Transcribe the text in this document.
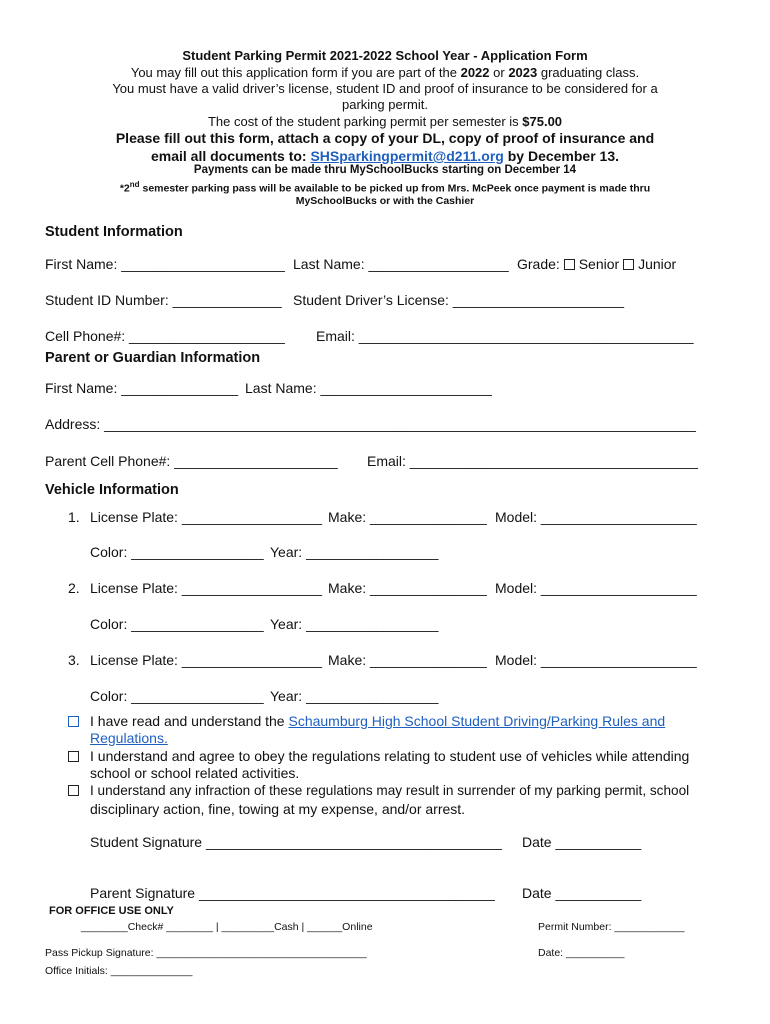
Student Parking Permit 2021-2022 School Year - Application Form
You may fill out this application form if you are part of the 2022 or 2023 graduating class.
You must have a valid driver’s license, student ID and proof of insurance to be considered for a
parking permit.
The cost of the student parking permit per semester is $75.00
Please fill out this form, attach a copy of your DL, copy of proof of insurance and
email all documents to: SHSparkingpermit@d211.org by December 13.
Payments can be made thru MySchoolBucks starting on December 14
*2nd semester parking pass will be available to be picked up from Mrs. McPeek once payment is made thru
MySchoolBucks or with the Cashier
Student Information
First Name: _____________________ Last Name: __________________ Grade: Senior Junior
Student ID Number: ______________ Student Driver’s License: ______________________
Cell Phone#: ____________________ Email: ___________________________________________
Parent or Guardian Information
First Name: _______________ Last Name: ______________________
Address: ____________________________________________________________________________
Parent Cell Phone#: _____________________ Email: _____________________________________
Vehicle Information
1. License Plate: __________________ Make: _______________ Model: ____________________
Color: _________________ Year: _________________
2. License Plate: __________________ Make: _______________ Model: ____________________
Color: _________________ Year: _________________
3. License Plate: __________________ Make: _______________ Model: ____________________
Color: _________________ Year: _________________
I have read and understand the Schaumburg High School Student Driving/Parking Rules and
Regulations.
I understand and agree to obey the regulations relating to student use of vehicles while attending
school or school related activities.
I understand any infraction of these regulations may result in surrender of my parking permit, school
disciplinary action, fine, towing at my expense, and/or arrest.
Student Signature ______________________________________ Date ___________
Parent Signature ______________________________________ Date ___________
FOR OFFICE USE ONLY
________Check# ________ | _________Cash | ______Online	Permit Number: ____________
Pass Pickup Signature: ____________________________________	Date: __________
Office Initials: ______________
